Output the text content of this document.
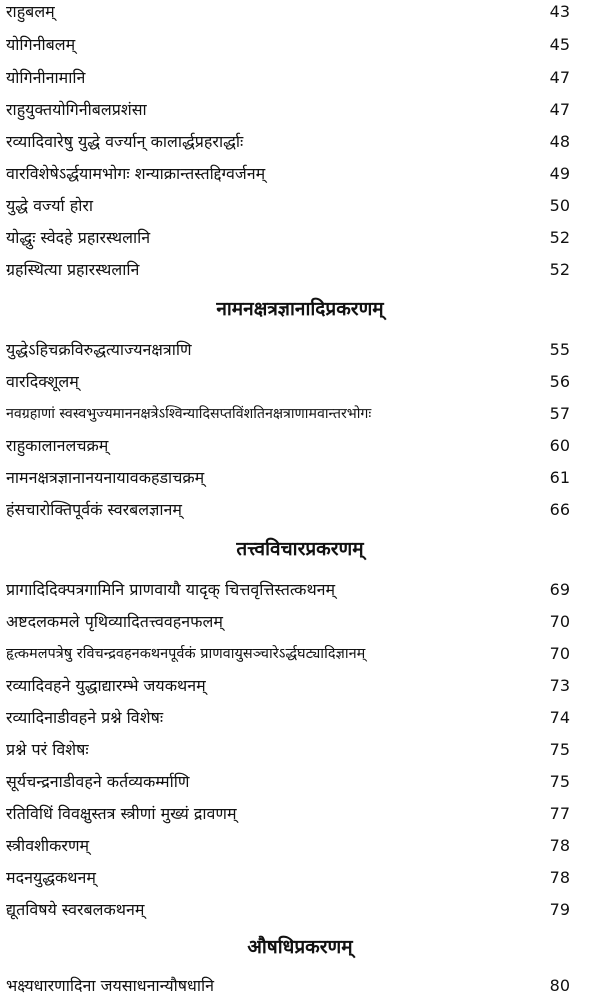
राहुबलम्	43
योगिनीबलम्	45
योगिनीनामानि	47
राहुयुक्तयोगिनीबलप्रशंसा	47
रव्यादिवारेषु युद्धे वर्ज्यान् कालार्द्धप्रहरार्द्धाः	48
वारविशेषेऽर्द्धयामभोगः शन्याक्रान्तस्तद्दिग्वर्जनम्	49
युद्धे वर्ज्या होरा	50
योद्धुः स्वेदहे प्रहारस्थलानि	52
ग्रहस्थित्या प्रहारस्थलानि	52
नामनक्षत्रज्ञानादिप्रकरणम्
युद्धेऽहिचक्रविरुद्धत्याज्यनक्षत्राणि	55
वारदिक्शूलम्	56
नवग्रहाणां स्वस्वभुज्यमाननक्षत्रेऽश्विन्यादिसप्तविंशतिनक्षत्राणामवान्तरभोगः	57
राहुकालानलचक्रम्	60
नामनक्षत्रज्ञानानयनायावकहडाचक्रम्	61
हंसचारोक्तिपूर्वकं स्वरबलज्ञानम्	66
तत्त्वविचारप्रकरणम्
प्रागादिदिक्पत्रगामिनि प्राणवायौ यादृक् चित्तवृत्तिस्तत्कथनम्	69
अष्टदलकमले पृथिव्यादितत्त्ववहनफलम्	70
हृत्कमलपत्रेषु रविचन्द्रवहनकथनपूर्वकं प्राणवायुसञ्चारेऽर्द्धघट्यादिज्ञानम्	70
रव्यादिवहने युद्धाद्यारम्भे जयकथनम्	73
रव्यादिनाडीवहने प्रश्ने विशेषः	74
प्रश्ने परं विशेषः	75
सूर्यचन्द्रनाडीवहने कर्तव्यकर्म्माणि	75
रतिविधिं विवक्षुस्तत्र स्त्रीणां मुख्यं द्रावणम्	77
स्त्रीवशीकरणम्	78
मदनयुद्धकथनम्	78
द्यूतविषये स्वरबलकथनम्	79
औषधिप्रकरणम्
भक्ष्यधारणादिना जयसाधनान्यौषधानि	80
